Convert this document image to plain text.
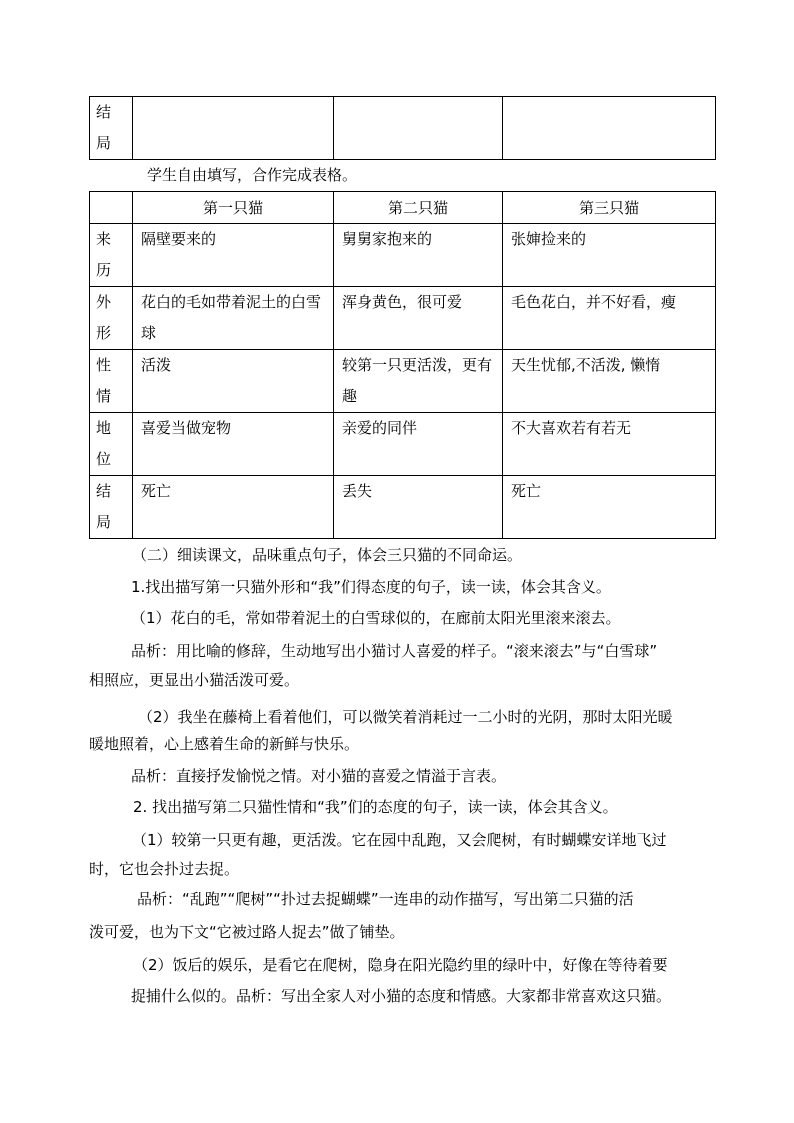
结
局

学生自由填写，合作完成表格。
	第一只猫	第二只猫	第三只猫

来
历	隔壁要来的	舅舅家抱来的	张婶捡来的

外
形	花白的毛如带着泥土的白雪球	浑身黄色，很可爱	毛色花白，并不好看，瘦

性
情	活泼	较第一只更活泼，更有趣	天生忧郁,不活泼, 懒惰

地
位	喜爱当做宠物	亲爱的同伴	不大喜欢若有若无

结
局	死亡	丢失	死亡
（二）细读课文，品味重点句子，体会三只猫的不同命运。
1.找出描写第一只猫外形和“我”们得态度的句子，读一读，体会其含义。
（1）花白的毛，常如带着泥土的白雪球似的，在廊前太阳光里滚来滚去。
品析：用比喻的修辞，生动地写出小猫讨人喜爱的样子。“滚来滚去”与“白雪球”
相照应，更显出小猫活泼可爱。
（2）我坐在藤椅上看着他们，可以微笑着消耗过一二小时的光阴，那时太阳光暖
暖地照着，心上感着生命的新鲜与快乐。
品析：直接抒发愉悦之情。对小猫的喜爱之情溢于言表。
2. 找出描写第二只猫性情和“我”们的态度的句子，读一读，体会其含义。
（1）较第一只更有趣，更活泼。它在园中乱跑，又会爬树，有时蝴蝶安详地飞过
时，它也会扑过去捉。
品析：“乱跑”“爬树”“扑过去捉蝴蝶”一连串的动作描写，写出第二只猫的活
泼可爱，也为下文“它被过路人捉去”做了铺垫。
（2）饭后的娱乐，是看它在爬树，隐身在阳光隐约里的绿叶中，好像在等待着要
捉捕什么似的。品析：写出全家人对小猫的态度和情感。大家都非常喜欢这只猫。
